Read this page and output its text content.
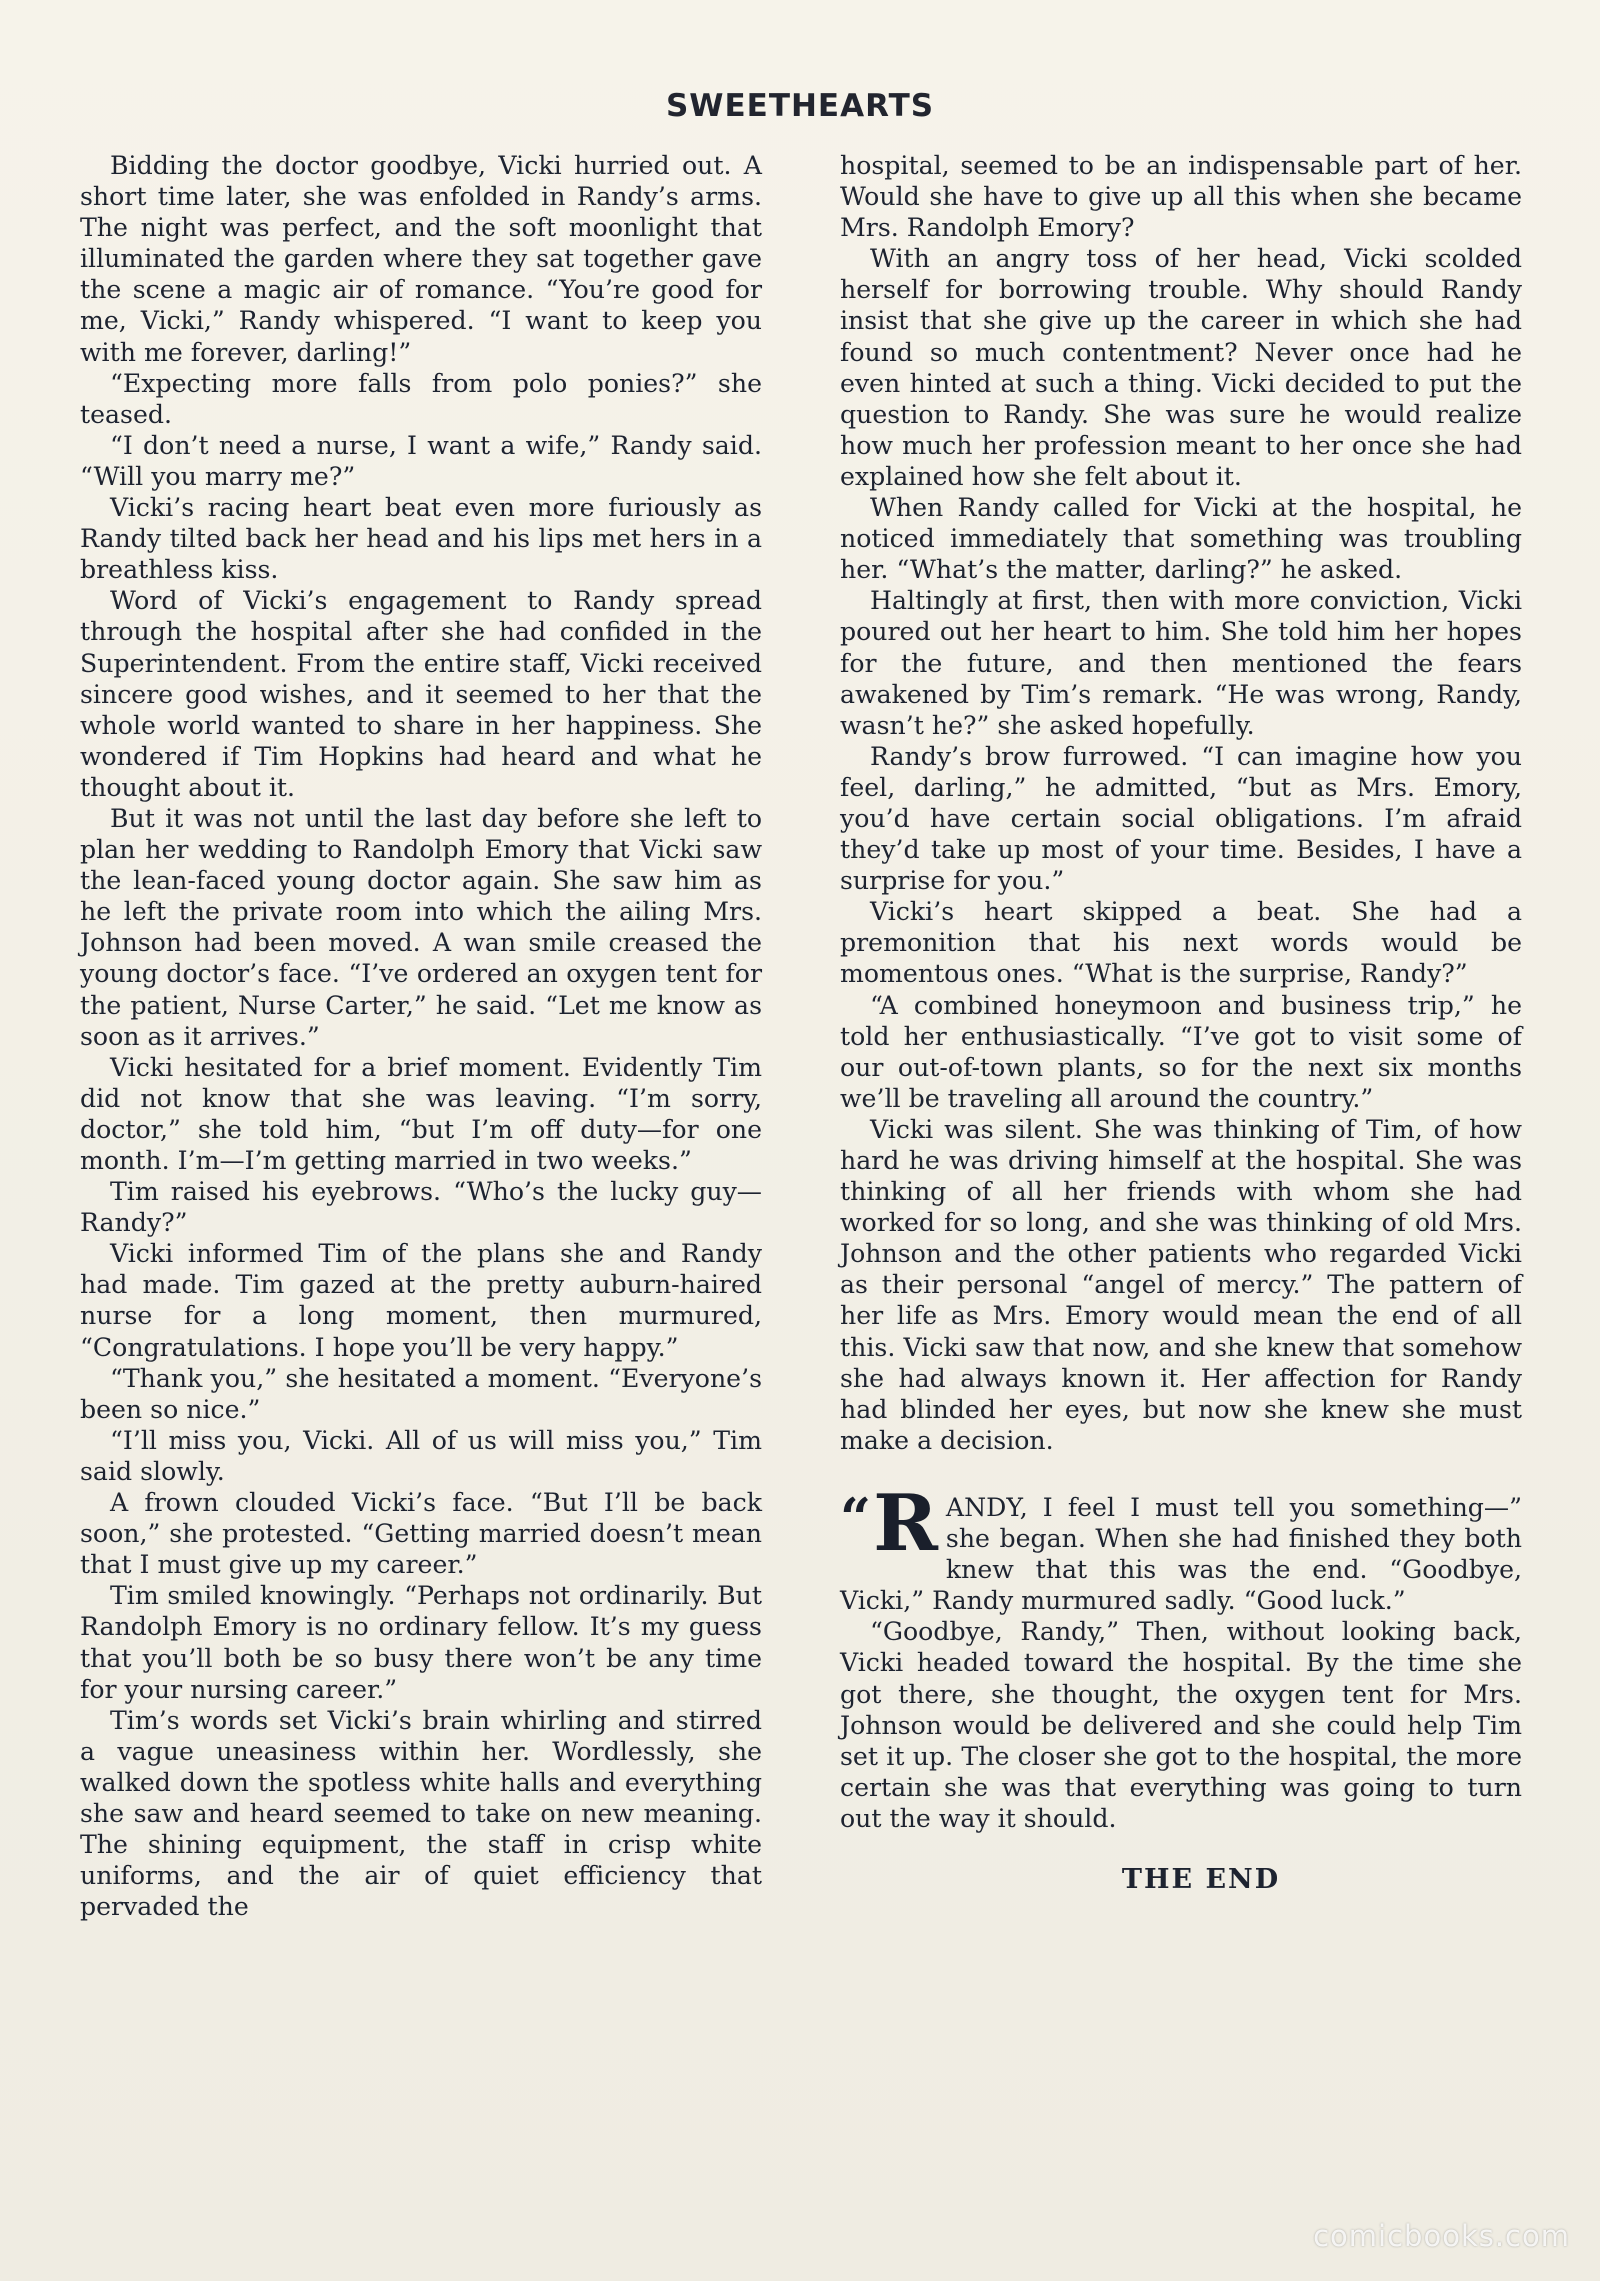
SWEETHEARTS

Bidding the doctor goodbye, Vicki hurried out. A short time later, she was enfolded in Randy’s arms. The night was perfect, and the soft moonlight that illuminated the garden where they sat together gave the scene a magic air of romance. “You’re good for me, Vicki,” Randy whispered. “I want to keep you with me forever, darling!”

“Expecting more falls from polo ponies?” she teased.

“I don’t need a nurse, I want a wife,” Randy said. “Will you marry me?”

Vicki’s racing heart beat even more furiously as Randy tilted back her head and his lips met hers in a breathless kiss.

Word of Vicki’s engagement to Randy spread through the hospital after she had confided in the Superintendent. From the entire staff, Vicki received sincere good wishes, and it seemed to her that the whole world wanted to share in her happiness. She wondered if Tim Hopkins had heard and what he thought about it.

But it was not until the last day before she left to plan her wedding to Randolph Emory that Vicki saw the lean-faced young doctor again. She saw him as he left the private room into which the ailing Mrs. Johnson had been moved. A wan smile creased the young doctor’s face. “I’ve ordered an oxygen tent for the patient, Nurse Carter,” he said. “Let me know as soon as it arrives.”

Vicki hesitated for a brief moment. Evidently Tim did not know that she was leaving. “I’m sorry, doctor,” she told him, “but I’m off duty—for one month. I’m—I’m getting married in two weeks.”

Tim raised his eyebrows. “Who’s the lucky guy—Randy?”

Vicki informed Tim of the plans she and Randy had made. Tim gazed at the pretty auburn-haired nurse for a long moment, then murmured, “Congratulations. I hope you’ll be very happy.”

“Thank you,” she hesitated a moment. “Everyone’s been so nice.”

“I’ll miss you, Vicki. All of us will miss you,” Tim said slowly.

A frown clouded Vicki’s face. “But I’ll be back soon,” she protested. “Getting married doesn’t mean that I must give up my career.”

Tim smiled knowingly. “Perhaps not ordinarily. But Randolph Emory is no ordinary fellow. It’s my guess that you’ll both be so busy there won’t be any time for your nursing career.”

Tim’s words set Vicki’s brain whirling and stirred a vague uneasiness within her. Wordlessly, she walked down the spotless white halls and everything she saw and heard seemed to take on new meaning. The shining equipment, the staff in crisp white uniforms, and the air of quiet efficiency that pervaded the

hospital, seemed to be an indispensable part of her. Would she have to give up all this when she became Mrs. Randolph Emory?

With an angry toss of her head, Vicki scolded herself for borrowing trouble. Why should Randy insist that she give up the career in which she had found so much contentment? Never once had he even hinted at such a thing. Vicki decided to put the question to Randy. She was sure he would realize how much her profession meant to her once she had explained how she felt about it.

When Randy called for Vicki at the hospital, he noticed immediately that something was troubling her. “What’s the matter, darling?” he asked.

Haltingly at first, then with more conviction, Vicki poured out her heart to him. She told him her hopes for the future, and then mentioned the fears awakened by Tim’s remark. “He was wrong, Randy, wasn’t he?” she asked hopefully.

Randy’s brow furrowed. “I can imagine how you feel, darling,” he admitted, “but as Mrs. Emory, you’d have certain social obligations. I’m afraid they’d take up most of your time. Besides, I have a surprise for you.”

Vicki’s heart skipped a beat. She had a premonition that his next words would be momentous ones. “What is the surprise, Randy?”

“A combined honeymoon and business trip,” he told her enthusiastically. “I’ve got to visit some of our out-of-town plants, so for the next six months we’ll be traveling all around the country.”

Vicki was silent. She was thinking of Tim, of how hard he was driving himself at the hospital. She was thinking of all her friends with whom she had worked for so long, and she was thinking of old Mrs. Johnson and the other patients who regarded Vicki as their personal “angel of mercy.” The pattern of her life as Mrs. Emory would mean the end of all this. Vicki saw that now, and she knew that somehow she had always known it. Her affection for Randy had blinded her eyes, but now she knew she must make a decision.

“ R ANDY, I feel I must tell you something—” she began. When she had finished they both knew that this was the end. “Goodbye, Vicki,” Randy murmured sadly. “Good luck.”

“Goodbye, Randy,” Then, without looking back, Vicki headed toward the hospital. By the time she got there, she thought, the oxygen tent for Mrs. Johnson would be delivered and she could help Tim set it up. The closer she got to the hospital, the more certain she was that everything was going to turn out the way it should.

THE END

comicbooks.com
